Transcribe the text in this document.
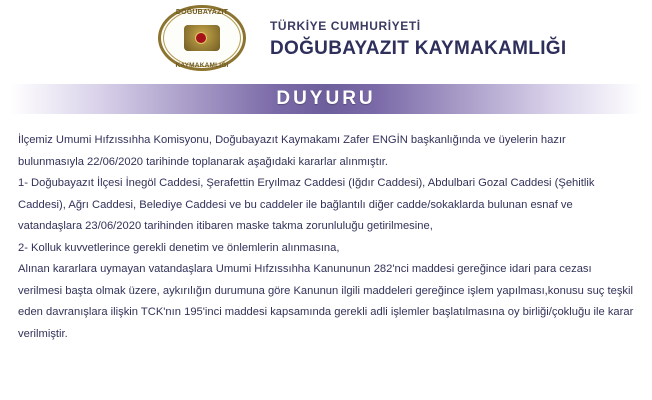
DOĞUBAYAZIT
KAYMAKAMLIĞI
TÜRKİYE CUMHURİYETİ
DOĞUBAYAZIT KAYMAKAMLIĞI
DUYURU

İlçemiz Umumi Hıfzıssıhha Komisyonu, Doğubayazıt Kaymakamı Zafer ENGİN başkanlığında ve üyelerin hazır bulunmasıyla 22/06/2020 tarihinde toplanarak aşağıdaki kararlar alınmıştır.

1- Doğubayazıt İlçesi İnegöl Caddesi, Şerafettin Eryılmaz Caddesi (Iğdır Caddesi), Abdulbari Gozal Caddesi (Şehitlik Caddesi), Ağrı Caddesi, Belediye Caddesi ve bu caddeler ile bağlantılı diğer cadde/sokaklarda bulunan esnaf ve vatandaşlara 23/06/2020 tarihinden itibaren maske takma zorunluluğu getirilmesine,

2- Kolluk kuvvetlerince gerekli denetim ve önlemlerin alınmasına,

Alınan kararlara uymayan vatandaşlara Umumi Hıfzıssıhha Kanununun 282'nci maddesi gereğince idari para cezası verilmesi başta olmak üzere, aykırılığın durumuna göre Kanunun ilgili maddeleri gereğince işlem yapılması,konusu suç teşkil eden davranışlara ilişkin TCK'nın 195'inci maddesi kapsamında gerekli adli işlemler başlatılmasına oy birliği/çokluğu ile karar verilmiştir.
